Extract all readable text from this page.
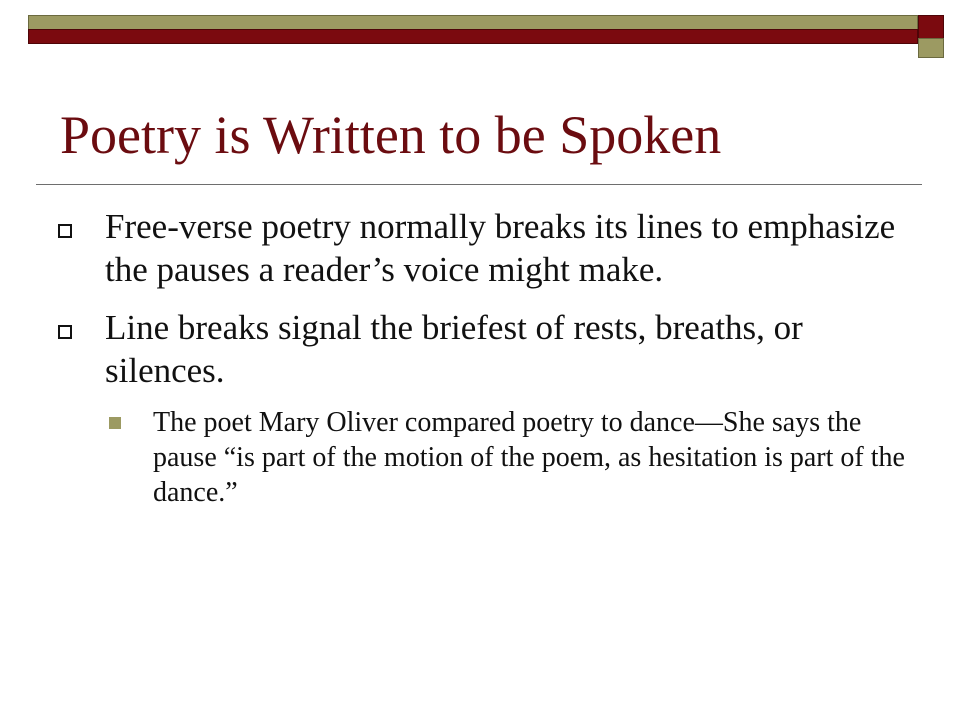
Poetry is Written to be Spoken
Free-verse poetry normally breaks its lines to emphasize the pauses a reader’s voice might make.
Line breaks signal the briefest of rests, breaths, or silences.
The poet Mary Oliver compared poetry to dance—She says the pause “is part of the motion of the poem, as hesitation is part of the dance.”
